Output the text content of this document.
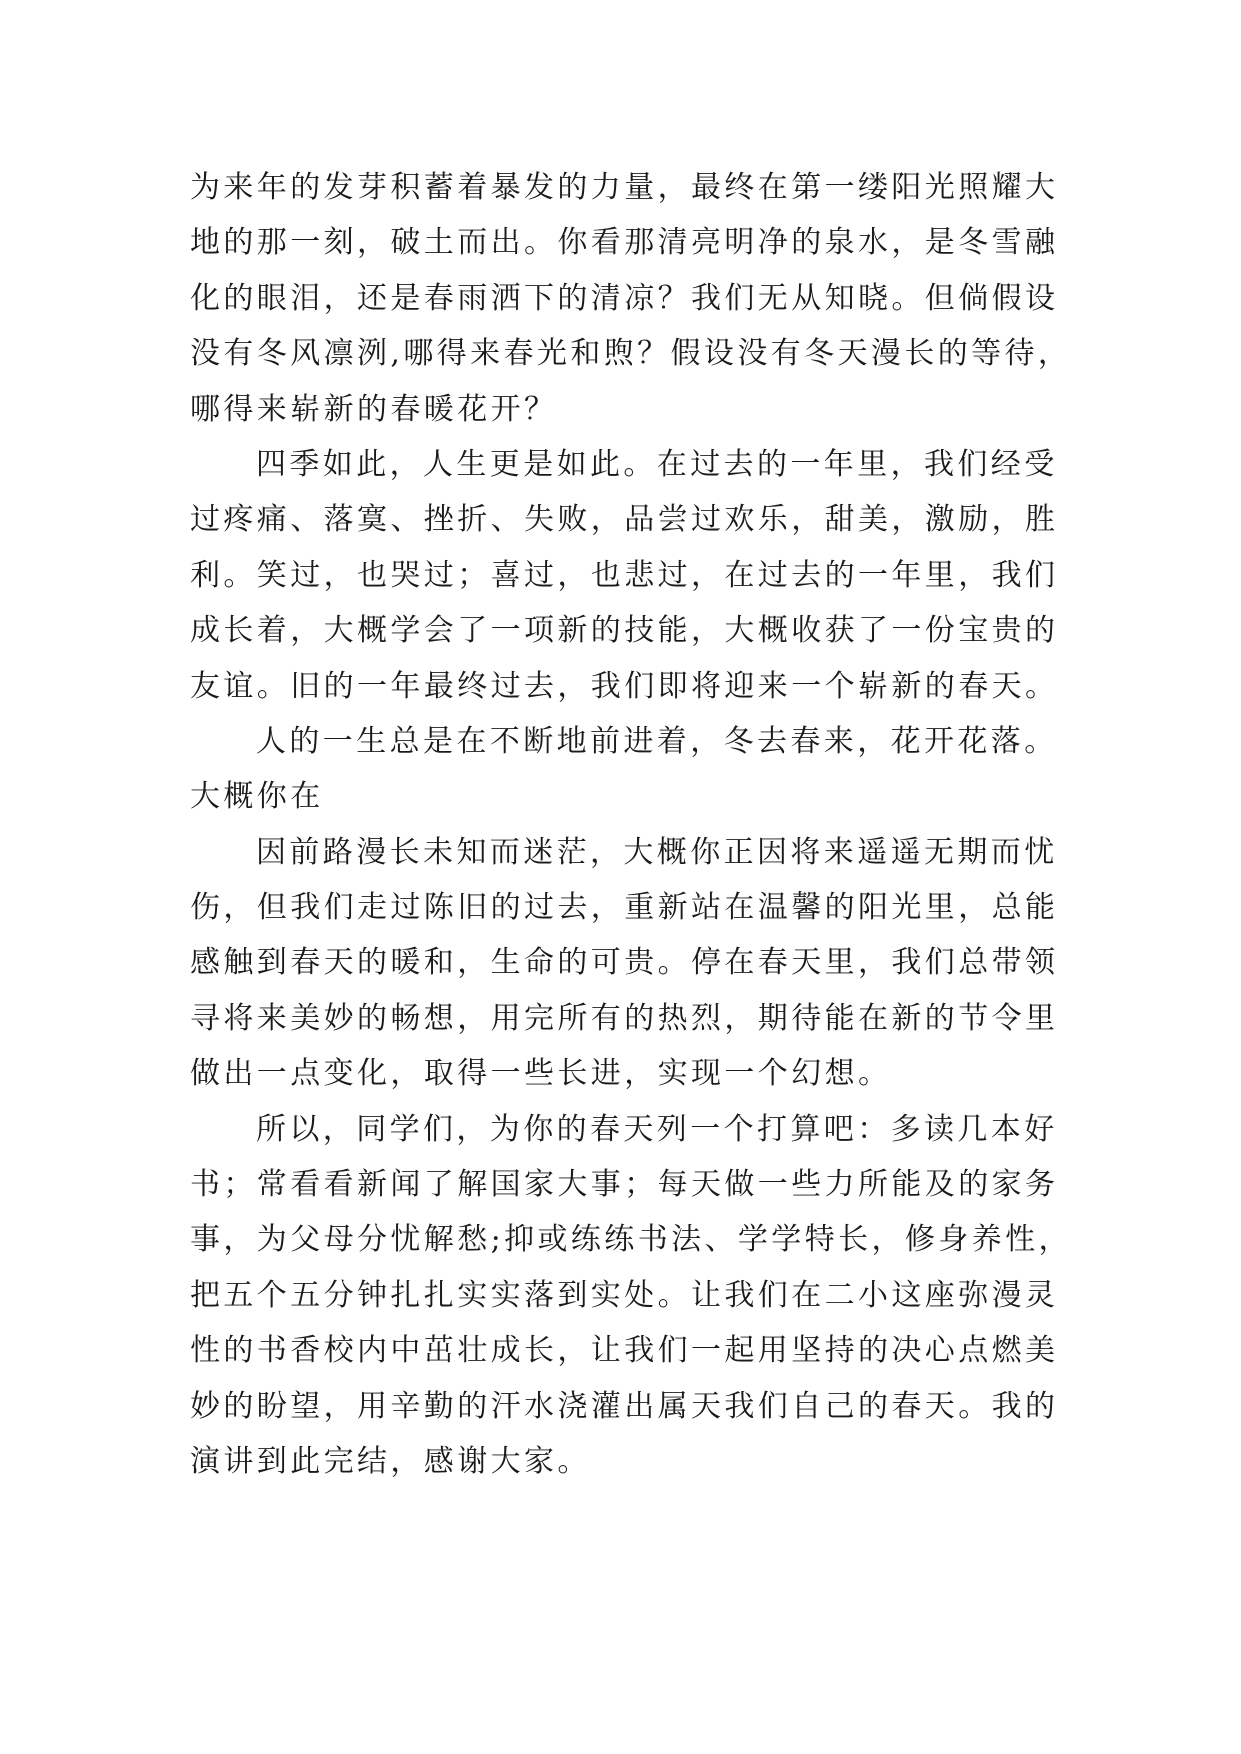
为来年的发芽积蓄着暴发的力量，最终在第一缕阳光照耀大
地的那一刻，破土而出。你看那清亮明净的泉水，是冬雪融
化的眼泪，还是春雨洒下的清凉？我们无从知晓。但倘假设
没有冬风凛洌,哪得来春光和煦？假设没有冬天漫长的等待，
哪得来崭新的春暖花开？
四季如此，人生更是如此。在过去的一年里，我们经受
过疼痛、落寞、挫折、失败，品尝过欢乐，甜美，激励，胜
利。笑过，也哭过；喜过，也悲过，在过去的一年里，我们
成长着，大概学会了一项新的技能，大概收获了一份宝贵的
友谊。旧的一年最终过去，我们即将迎来一个崭新的春天。
人的一生总是在不断地前进着，冬去春来，花开花落。
大概你在
因前路漫长未知而迷茫，大概你正因将来遥遥无期而忧
伤，但我们走过陈旧的过去，重新站在温馨的阳光里，总能
感触到春天的暖和，生命的可贵。停在春天里，我们总带领
寻将来美妙的畅想，用完所有的热烈，期待能在新的节令里
做出一点变化，取得一些长进，实现一个幻想。
所以，同学们，为你的春天列一个打算吧：多读几本好
书；常看看新闻了解国家大事；每天做一些力所能及的家务
事，为父母分忧解愁;抑或练练书法、学学特长，修身养性，
把五个五分钟扎扎实实落到实处。让我们在二小这座弥漫灵
性的书香校内中茁壮成长，让我们一起用坚持的决心点燃美
妙的盼望，用辛勤的汗水浇灌出属天我们自己的春天。我的
演讲到此完结，感谢大家。
